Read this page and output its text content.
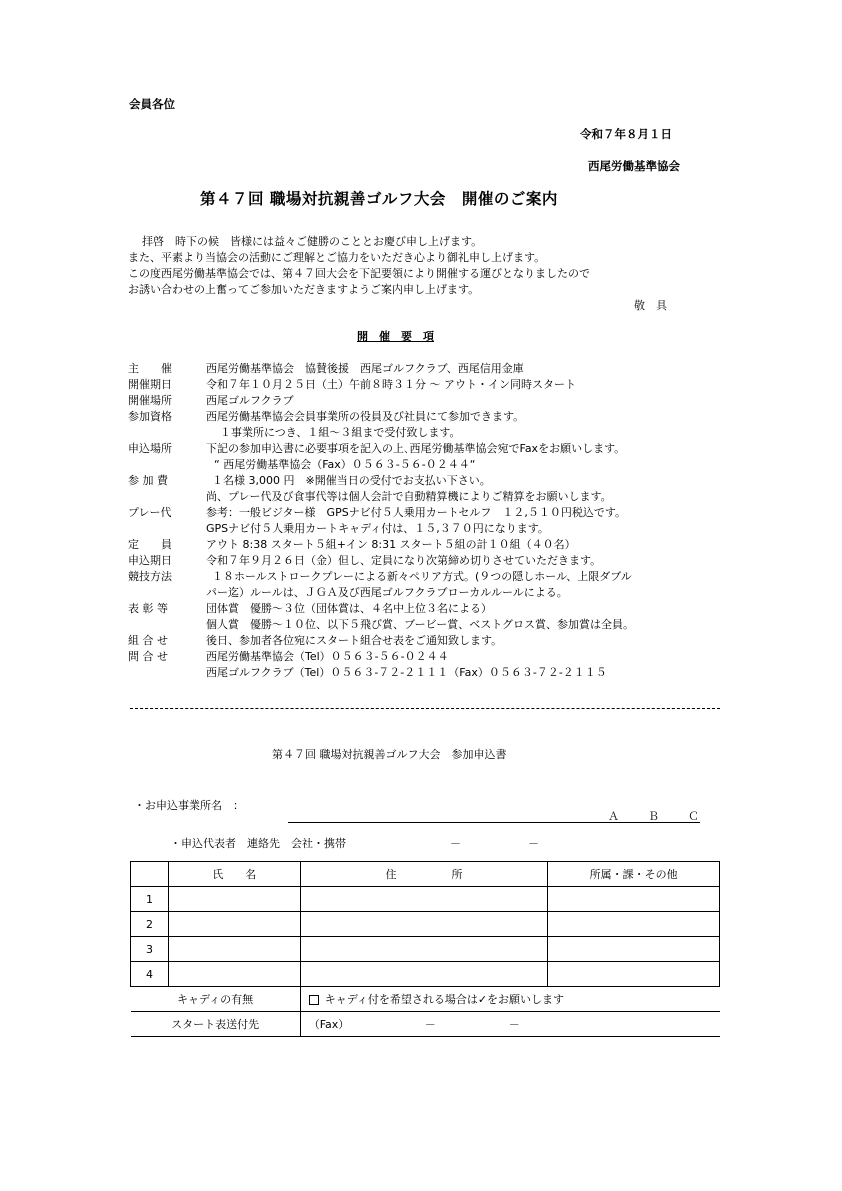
会員各位
令和７年８月１日
西尾労働基準協会
第４７回 職場対抗親善ゴルフ大会　開催のご案内
拝啓　時下の候　皆様には益々ご健勝のこととお慶び申し上げます。
また、平素より当協会の活動にご理解とご協力をいただき心より御礼申し上げます。
この度西尾労働基準協会では、第４７回大会を下記要領により開催する運びとなりましたので
お誘い合わせの上奮ってご参加いただきますようご案内申し上げます。
敬　具
開　催　要　項
主　　催	西尾労働基準協会　協賛後援　西尾ゴルフクラブ、西尾信用金庫
開催期日	令和７年１０月２５日（土）午前８時３１分 ～ アウト・イン同時スタート
開催場所	西尾ゴルフクラブ
参加資格	西尾労働基準協会会員事業所の役員及び社員にて参加できます。
１事業所につき、１組～３組まで受付致します。
申込場所	下記の参加申込書に必要事項を記入の上､西尾労働基準協会宛でFaxをお願いします。
“ 西尾労働基準協会（Fax）０５６３-５６-０２４４“
参 加 費	１名様 3,000 円　※開催当日の受付でお支払い下さい。
尚、プレー代及び食事代等は個人会計で自動精算機によりご精算をお願いします。
プレー代	参考：一般ビジター様　GPSナビ付５人乗用カートセルフ　１２,５１０円税込です。
GPSナビ付５人乗用カートキャディ付は、１５,３７０円になります。
定　　員	アウト 8:38 スタート５組+イン 8:31 スタート５組の計１０組（４０名）
申込期日	令和７年９月２６日（金）但し、定員になり次第締め切りさせていただきます。
競技方法	１８ホールストロークプレーによる新々ペリア方式。(９つの隠しホール、上限ダブル
パー迄）ルールは、ＪＧＡ及び西尾ゴルフクラブローカルルールによる。
表 彰 等	団体賞　優勝～３位（団体賞は、４名中上位３名による）
個人賞　優勝～１０位、以下５飛び賞、ブービー賞、ベストグロス賞、参加賞は全員。
組 合 せ	後日、参加者各位宛にスタート組合せ表をご通知致します。
問 合 せ	西尾労働基準協会（Tel）０５６３-５６-０２４４
西尾ゴルフクラブ（Tel）０５６３-７２-２１１１（Fax）０５６３-７２-２１１５
第４７回 職場対抗親善ゴルフ大会　参加申込書
・お申込事業所名　：
Ａ	Ｂ	Ｃ
・申込代表者　連絡先　会社・携帯	－	－
	氏　　名	住　　　　　所	所属・課・その他
1			
2			
3			
4			
キャディの有無		キャディ付を希望される場合は✓をお願いします	
スタート表送付先		（Fax） － －	
